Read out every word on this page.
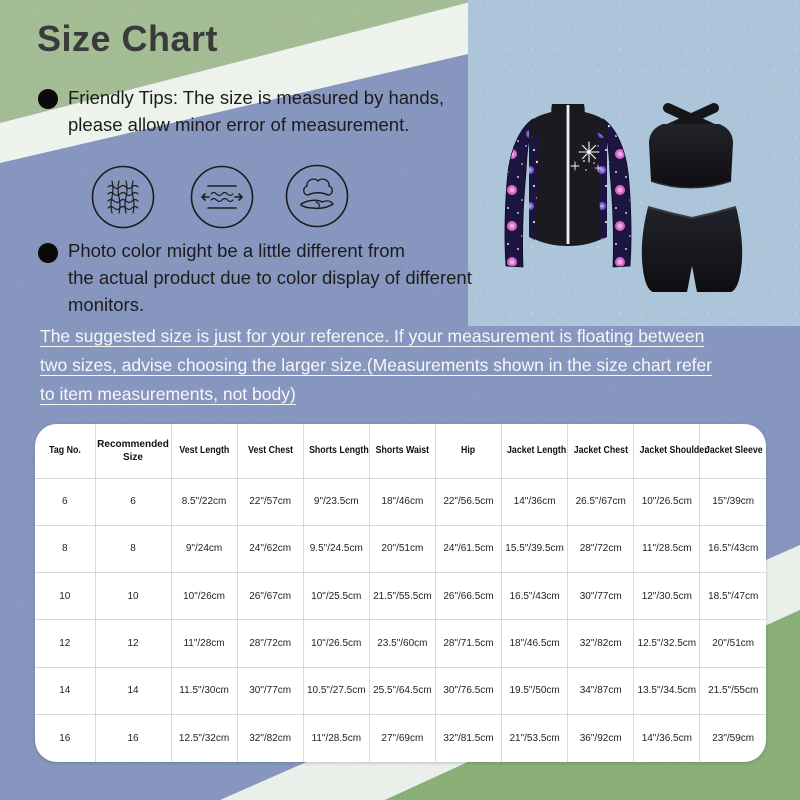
Size Chart
Friendly Tips: The size is measured by hands,
please allow minor error of measurement.
Photo color might be a little different from
the actual product due to color display of different
monitors.
The suggested size is just for your reference. If your measurement is floating between
two sizes, advise choosing the larger size.(Measurements shown in the size chart refer
to item measurements, not body)
Tag No.	Recommended Size	Vest Length	Vest Chest	Shorts Length	Shorts Waist	Hip	Jacket Length	Jacket Chest	Jacket Shoulder	Jacket Sleeve
6	6	8.5"/22cm	22"/57cm	9"/23.5cm	18"/46cm	22"/56.5cm	14"/36cm	26.5"/67cm	10"/26.5cm	15"/39cm
8	8	9"/24cm	24"/62cm	9.5"/24.5cm	20"/51cm	24"/61.5cm	15.5"/39.5cm	28"/72cm	11"/28.5cm	16.5"/43cm
10	10	10"/26cm	26"/67cm	10"/25.5cm	21.5"/55.5cm	26"/66.5cm	16.5"/43cm	30"/77cm	12"/30.5cm	18.5"/47cm
12	12	11"/28cm	28"/72cm	10"/26.5cm	23.5"/60cm	28"/71.5cm	18"/46.5cm	32"/82cm	12.5"/32.5cm	20"/51cm
14	14	11.5"/30cm	30"/77cm	10.5"/27.5cm	25.5"/64.5cm	30"/76.5cm	19.5"/50cm	34"/87cm	13.5"/34.5cm	21.5"/55cm
16	16	12.5"/32cm	32"/82cm	11"/28.5cm	27"/69cm	32"/81.5cm	21"/53.5cm	36"/92cm	14"/36.5cm	23"/59cm
